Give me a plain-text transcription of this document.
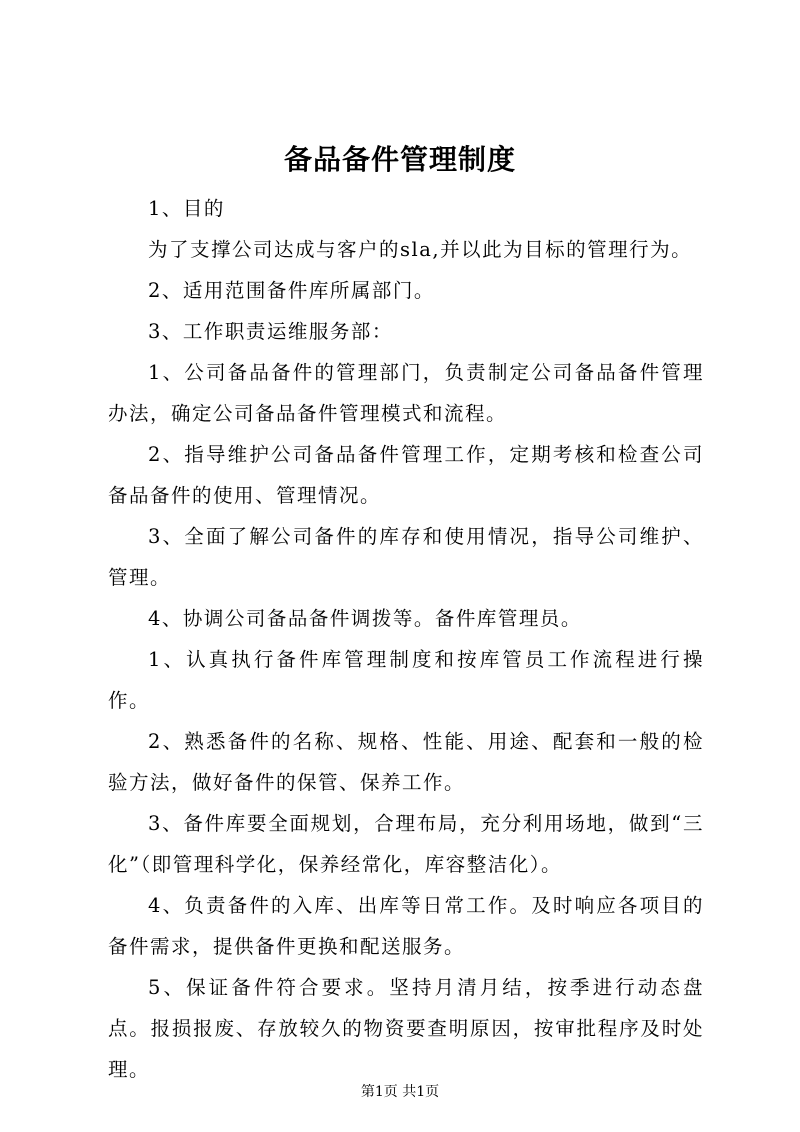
备品备件管理制度

1、目的

为了支撑公司达成与客户的sla,并以此为目标的管理行为。

2、适用范围备件库所属部门。

3、工作职责运维服务部：

1、公司备品备件的管理部门，负责制定公司备品备件管理办法，确定公司备品备件管理模式和流程。

2、指导维护公司备品备件管理工作，定期考核和检查公司备品备件的使用、管理情况。

3、全面了解公司备件的库存和使用情况，指导公司维护、管理。

4、协调公司备品备件调拨等。备件库管理员。

1、认真执行备件库管理制度和按库管员工作流程进行操作。

2、熟悉备件的名称、规格、性能、用途、配套和一般的检验方法，做好备件的保管、保养工作。

3、备件库要全面规划，合理布局，充分利用场地，做到“三化”（即管理科学化，保养经常化，库容整洁化）。

4、负责备件的入库、出库等日常工作。及时响应各项目的备件需求，提供备件更换和配送服务。

5、保证备件符合要求。坚持月清月结，按季进行动态盘点。报损报废、存放较久的物资要查明原因，按审批程序及时处理。

第1页 共1页
